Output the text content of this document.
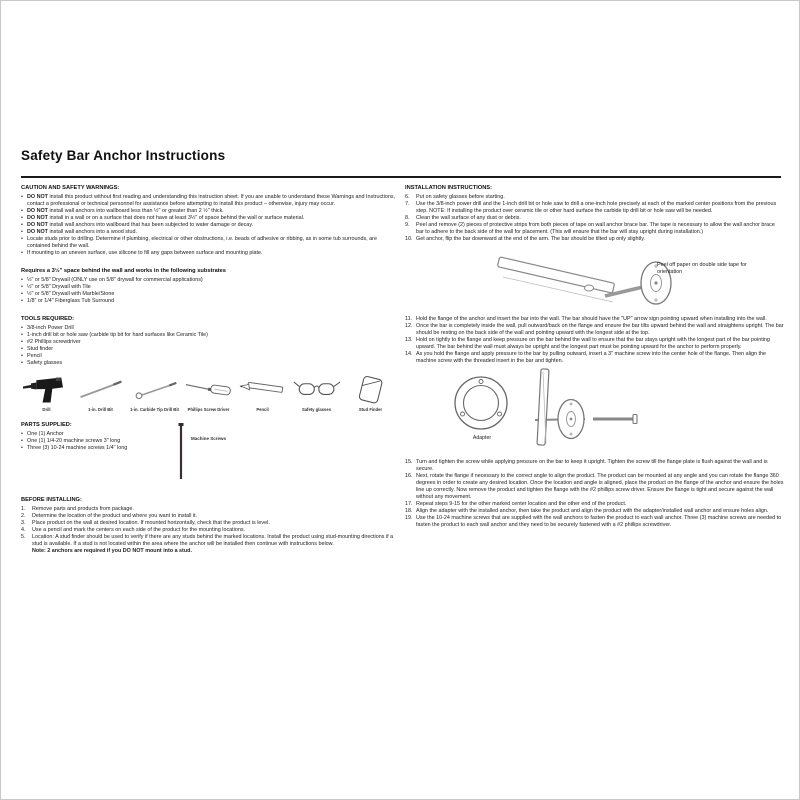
Safety Bar Anchor Instructions
CAUTION AND SAFETY WARNINGS:
• DO NOT install this product without first reading and understanding this instruction sheet. If you are unable to understand these Warnings and Instructions, contact a professional or technical personnel for assistance before attempting to install this product – otherwise, injury may occur.
• DO NOT install wall anchors into wallboard less than ½" or greater than 2 ½" thick.
• DO NOT install in a wall or on a surface that does not have at least 3½" of space behind the wall or surface material.
• DO NOT install wall anchors into wallboard that has been subjected to water damage or decay.
• DO NOT install wall anchors into a wood stud.
• Locate studs prior to drilling. Determine if plumbing, electrical or other obstructions, i.e. beads of adhesive or ribbing, as in some tub surrounds, are contained behind the wall.
• If mounting to an uneven surface, use silicone to fill any gaps between surface and mounting plate.
Requires a 3½" space behind the wall and works in the following substrates
• ½" or 5/8" Drywall (ONLY use on 5/8" drywall for commercial applications)
• ½" or 5/8" Drywall with Tile
• ½" or 5/8" Drywall with Marble/Stone
• 1/8" or 1/4" Fiberglass Tub Surround
TOOLS REQUIRED:
• 3/8-inch Power Drill
• 1-inch drill bit or hole saw (carbide tip bit for hard surfaces like Ceramic Tile)
• #2 Phillips screwdriver
• Stud finder
• Pencil
• Safety glasses
Drill	1-in. Drill Bit	1-in. Carbide Tip Drill Bit	Phillips Screw Driver	Pencil	Safety glasses	Stud Finder
PARTS SUPPLIED:
• One (1) Anchor
• One (1) 1/4-20 machine screws 3" long
• Three (3) 10-24 machine screws 1/4" long
Machine Screws
BEFORE INSTALLING:
1.	Remove parts and products from package.
2.	Determine the location of the product and where you want to install it.
3.	Place product on the wall at desired location. If mounted horizontally, check that the product is level.
4.	Use a pencil and mark the centers on each side of the product for the mounting locations.
5.	Location: A stud finder should be used to verify if there are any studs behind the marked locations. Install the product using stud-mounting directions if a stud is available. If a stud is not located within the area where the anchor will be installed then continue with instructions below.
Note: 2 anchors are required if you DO NOT mount into a stud.
INSTALLATION INSTRUCTIONS:
6.	Put on safety glasses before starting.
7.	Use the 3/8-inch power drill and the 1-inch drill bit or hole saw to drill a one-inch hole precisely at each of the marked center positions from the previous step. NOTE: If installing the product over ceramic tile or other hard surface the carbide tip drill bit or hole saw will be needed.
8.	Clean the wall surface of any dust or debris.
9.	Peel and remove (2) pieces of protective strips from both pieces of tape on wall anchor brace bar. The tape is necessary to allow the wall anchor brace bar to adhere to the back side of the wall for placement. (This will ensure that the bar will stay upright during installation.)
10. Get anchor, flip the bar downward at the end of the arm. The bar should be tilted up only slightly.
Peel off paper on double side tape for orientation
11. Hold the flange of the anchor and insert the bar into the wall. The bar should have the "UP" arrow sign pointing upward when installing into the wall.
12. Once the bar is completely inside the wall, pull outward/back on the flange and ensure the bar tilts upward behind the wall and straightens upright. The bar should be resting on the back side of the wall and pointing upward with the longest side at the top.
13. Hold on tightly to the flange and keep pressure on the bar behind the wall to ensure that the bar stays upright with the longest part of the bar pointing upward. The bar behind the wall must always be upright and the longest part must be pointing upward for the anchor to perform properly.
14. As you hold the flange and apply pressure to the bar by pulling outward, insert a 3" machine screw into the center hole of the flange. Then align the machine screw with the threaded insert in the bar and tighten.
Adapter
15. Turn and tighten the screw while applying pressure on the bar to keep it upright. Tighten the screw till the flange plate is flush against the wall and is secure.
16. Next, rotate the flange if necessary to the correct angle to align the product. The product can be mounted at any angle and you can rotate the flange 360 degrees in order to create any desired location. Once the location and angle is aligned, place the product on the flange of the anchor and ensure the holes line up correctly. Now remove the product and tighten the flange with the #2 phillips screw driver. Ensure the flange is tight and secure against the wall without any movement.
17. Repeat steps 9-15 for the other marked center location and the other end of the product.
18. Align the adapter with the installed anchor, then take the product and align the product with the adapter/installed wall anchor and ensure holes align.
19. Use the 10-24 machine screws that are supplied with the wall anchors to fasten the product to each wall anchor. Three (3) machine screws are needed to fasten the product to each wall anchor and they need to be securely fastened with a #2 phillips screwdriver.
